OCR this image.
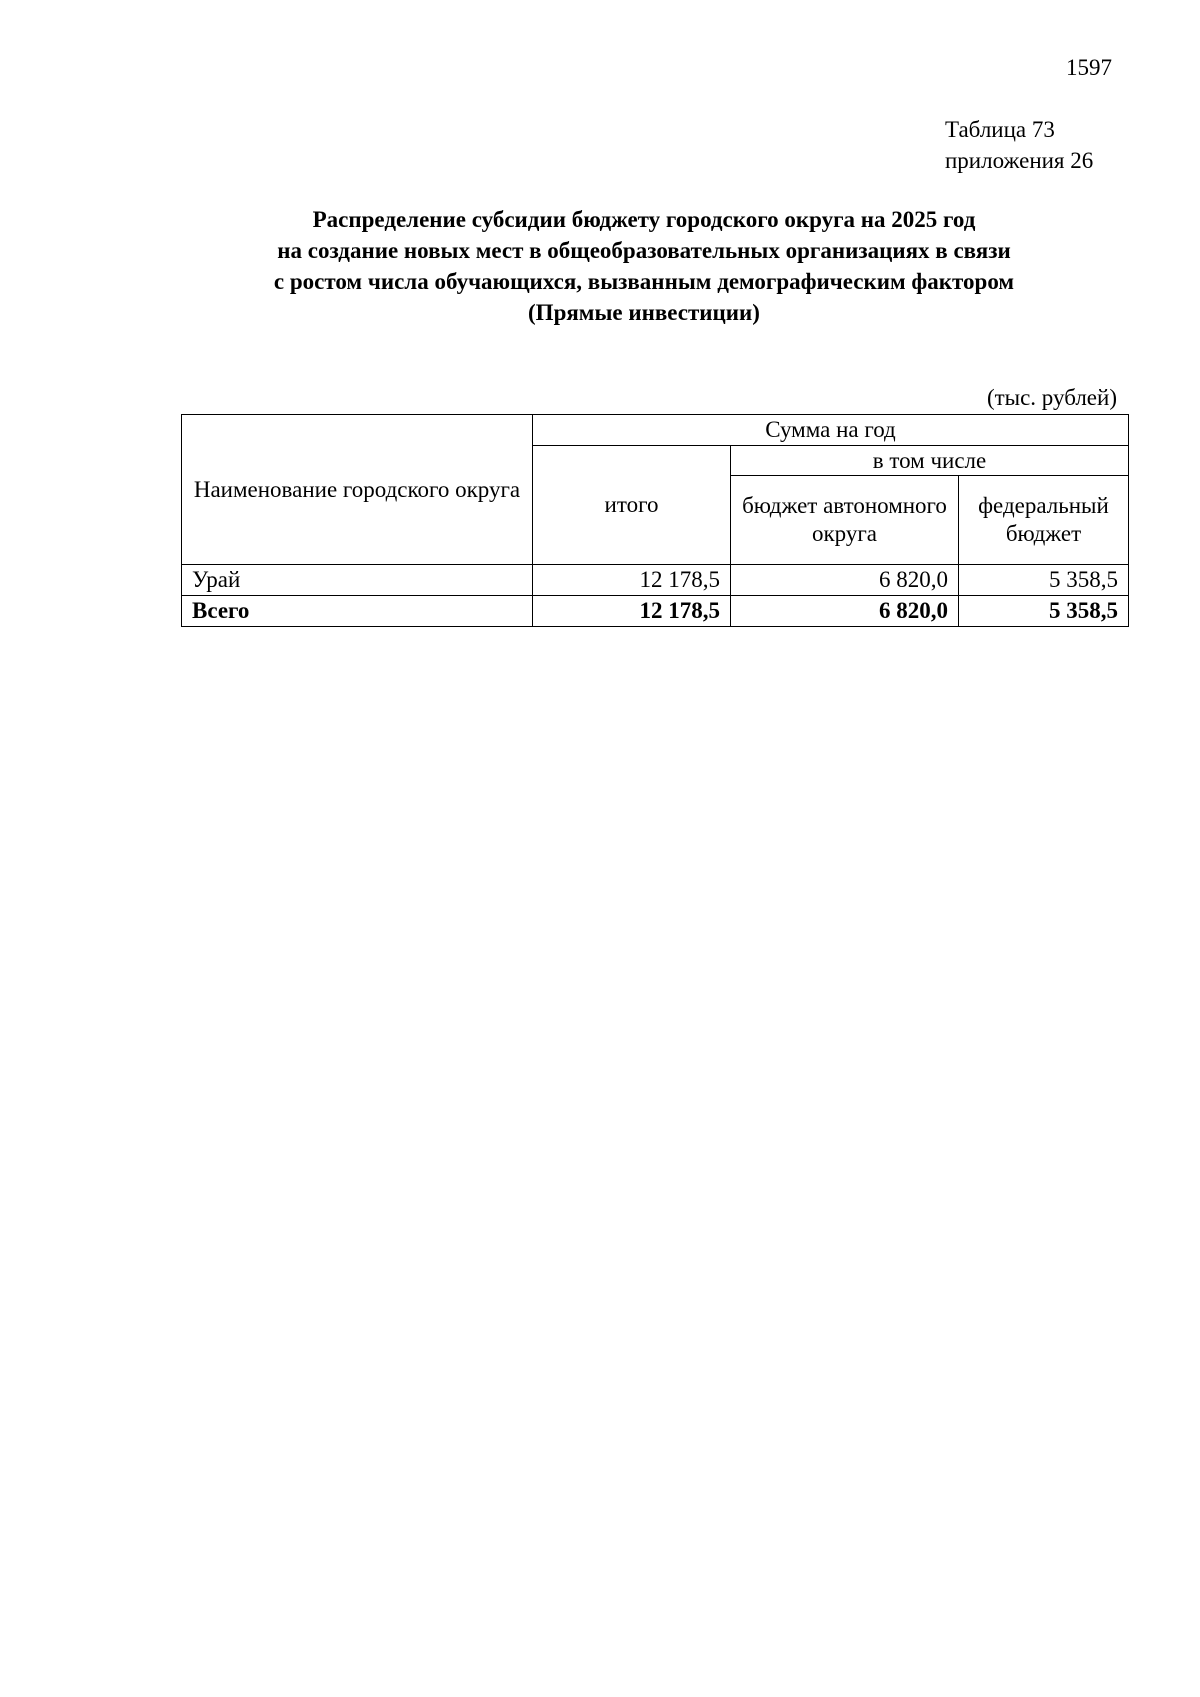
1597
Таблица 73
приложения 26
Распределение субсидии бюджету городского округа на 2025 год
на создание новых мест в общеобразовательных организациях в связи
с ростом числа обучающихся, вызванным демографическим фактором
(Прямые инвестиции)
(тыс. рублей)
Наименование городского округа	Сумма на год		
	итого	в том числе	
		бюджет автономного округа	федеральный бюджет
Урай	12 178,5	6 820,0	5 358,5
Всего	12 178,5	6 820,0	5 358,5
